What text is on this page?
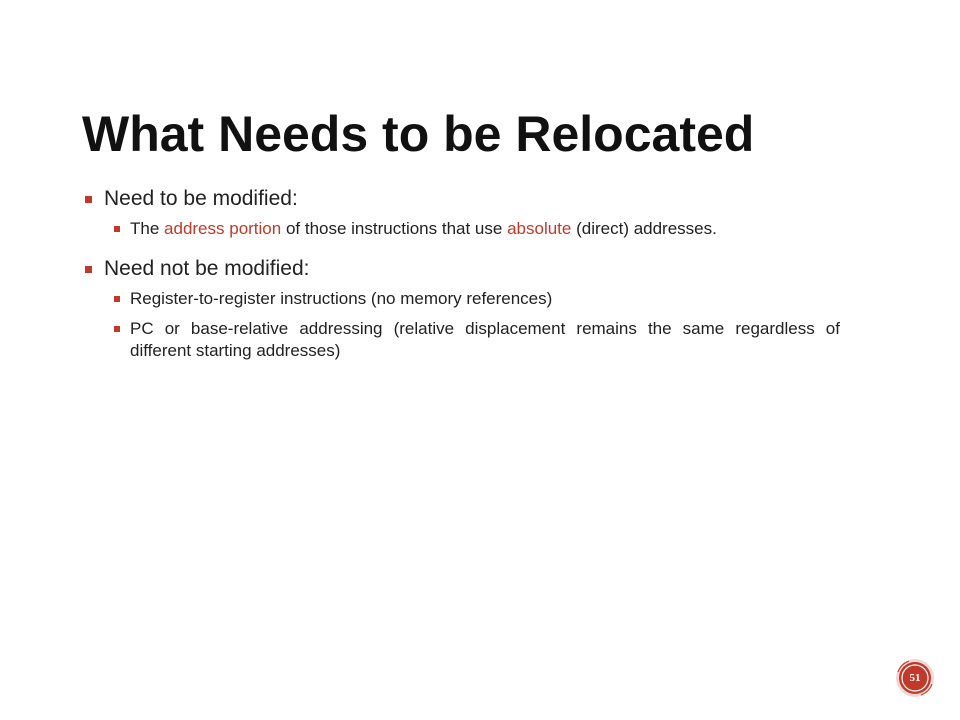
What Needs to be Relocated
Need to be modified:
The address portion of those instructions that use absolute (direct) addresses.
Need not be modified:
Register-to-register instructions (no memory references)
PC or base-relative addressing (relative displacement remains the same regardless of different starting addresses)
51
